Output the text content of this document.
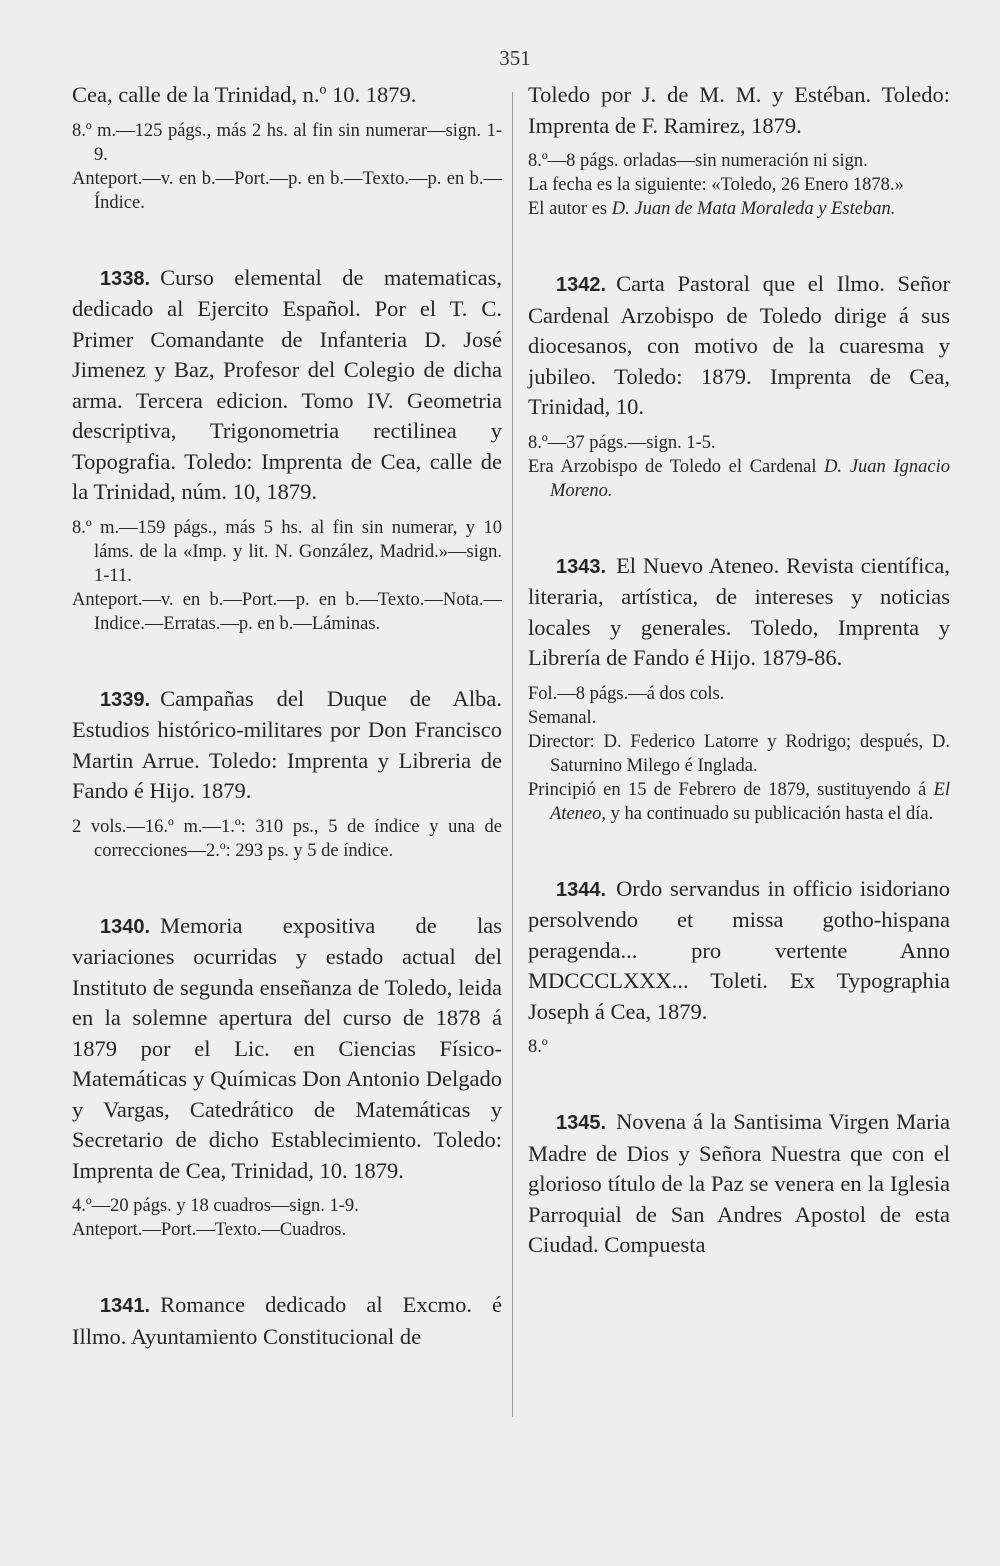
351

Cea, calle de la Trinidad, n.º 10. 1879.

8.º m.—125 págs., más 2 hs. al fin sin numerar—sign. 1-9.

Anteport.—v. en b.—Port.—p. en b.—Texto.—p. en b.—Índice.

1338. Curso elemental de matematicas, dedicado al Ejercito Español. Por el T. C. Primer Comandante de Infanteria D. José Jimenez y Baz, Profesor del Colegio de dicha arma. Tercera edicion. Tomo IV. Geometria descriptiva, Trigonometria rectilinea y Topografia. Toledo: Imprenta de Cea, calle de la Trinidad, núm. 10, 1879.

8.º m.—159 págs., más 5 hs. al fin sin numerar, y 10 láms. de la «Imp. y lit. N. González, Madrid.»—sign. 1-11.

Anteport.—v. en b.—Port.—p. en b.—Texto.—Nota.—Indice.—Erratas.—p. en b.—Láminas.

1339. Campañas del Duque de Alba. Estudios histórico-militares por Don Francisco Martin Arrue. Toledo: Imprenta y Libreria de Fando é Hijo. 1879.

2 vols.—16.º m.—1.º: 310 ps., 5 de índice y una de correcciones—2.º: 293 ps. y 5 de índice.

1340. Memoria expositiva de las variaciones ocurridas y estado actual del Instituto de segunda enseñanza de Toledo, leida en la solemne apertura del curso de 1878 á 1879 por el Lic. en Ciencias Físico-Matemáticas y Químicas Don Antonio Delgado y Vargas, Catedrático de Matemáticas y Secretario de dicho Establecimiento. Toledo: Imprenta de Cea, Trinidad, 10. 1879.

4.º—20 págs. y 18 cuadros—sign. 1-9.

Anteport.—Port.—Texto.—Cuadros.

1341. Romance dedicado al Excmo. é Illmo. Ayuntamiento Constitucional de

Toledo por J. de M. M. y Estéban. Toledo: Imprenta de F. Ramirez, 1879.

8.º—8 págs. orladas—sin numeración ni sign.

La fecha es la siguiente: «Toledo, 26 Enero 1878.»

El autor es D. Juan de Mata Moraleda y Esteban.

1342. Carta Pastoral que el Ilmo. Señor Cardenal Arzobispo de Toledo dirige á sus diocesanos, con motivo de la cuaresma y jubileo. Toledo: 1879. Imprenta de Cea, Trinidad, 10.

8.º—37 págs.—sign. 1-5.

Era Arzobispo de Toledo el Cardenal D. Juan Ignacio Moreno.

1343. El Nuevo Ateneo. Revista científica, literaria, artística, de intereses y noticias locales y generales. Toledo, Imprenta y Librería de Fando é Hijo. 1879-86.

Fol.—8 págs.—á dos cols.

Semanal.

Director: D. Federico Latorre y Rodrigo; después, D. Saturnino Milego é Inglada.

Principió en 15 de Febrero de 1879, sustituyendo á El Ateneo, y ha continuado su publicación hasta el día.

1344. Ordo servandus in officio isidoriano persolvendo et missa gotho-hispana peragenda... pro vertente Anno MDCCCLXXX... Toleti. Ex Typographia Joseph á Cea, 1879.

8.º

1345. Novena á la Santisima Virgen Maria Madre de Dios y Señora Nuestra que con el glorioso título de la Paz se venera en la Iglesia Parroquial de San Andres Apostol de esta Ciudad. Compuesta
